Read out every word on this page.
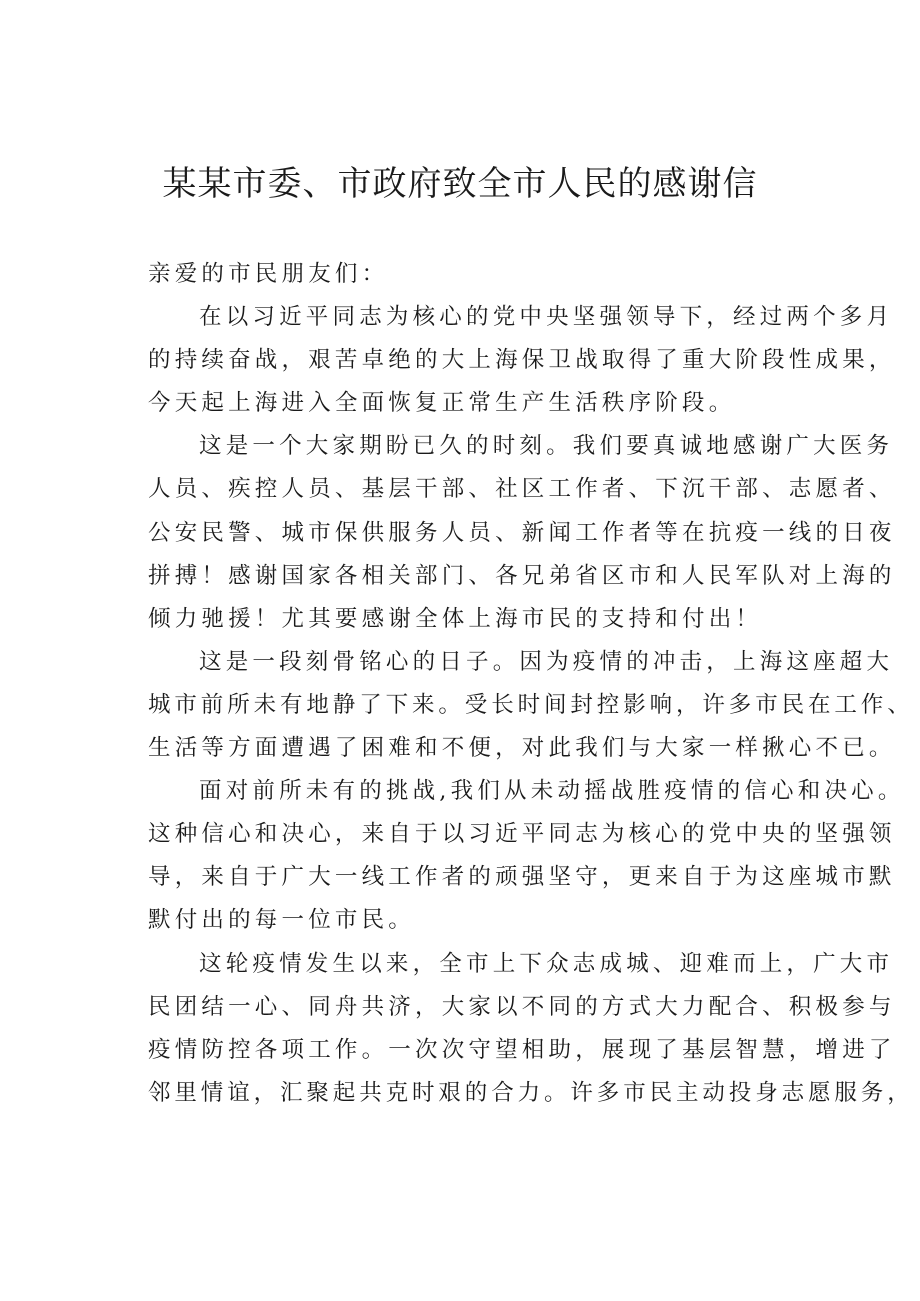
某某市委、市政府致全市人民的感谢信
亲爱的市民朋友们：
在以习近平同志为核心的党中央坚强领导下，经过两个多月
的持续奋战，艰苦卓绝的大上海保卫战取得了重大阶段性成果，
今天起上海进入全面恢复正常生产生活秩序阶段。
这是一个大家期盼已久的时刻。我们要真诚地感谢广大医务
人员、疾控人员、基层干部、社区工作者、下沉干部、志愿者、
公安民警、城市保供服务人员、新闻工作者等在抗疫一线的日夜
拼搏！感谢国家各相关部门、各兄弟省区市和人民军队对上海的
倾力驰援！尤其要感谢全体上海市民的支持和付出！
这是一段刻骨铭心的日子。因为疫情的冲击，上海这座超大
城市前所未有地静了下来。受长时间封控影响，许多市民在工作、
生活等方面遭遇了困难和不便，对此我们与大家一样揪心不已。
面对前所未有的挑战,我们从未动摇战胜疫情的信心和决心。
这种信心和决心，来自于以习近平同志为核心的党中央的坚强领
导，来自于广大一线工作者的顽强坚守，更来自于为这座城市默
默付出的每一位市民。
这轮疫情发生以来，全市上下众志成城、迎难而上，广大市
民团结一心、同舟共济，大家以不同的方式大力配合、积极参与
疫情防控各项工作。一次次守望相助，展现了基层智慧，增进了
邻里情谊，汇聚起共克时艰的合力。许多市民主动投身志愿服务，
